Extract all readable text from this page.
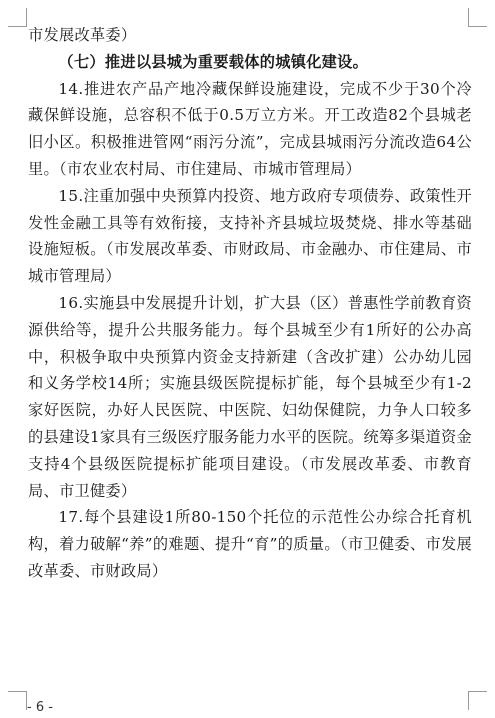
市发展改革委）

（七）推进以县城为重要载体的城镇化建设。

14.推进农产品产地冷藏保鲜设施建设，完成不少于30个冷藏保鲜设施，总容积不低于0.5万立方米。开工改造82个县城老旧小区。积极推进管网“雨污分流”，完成县城雨污分流改造64公里。（市农业农村局、市住建局、市城市管理局）

15.注重加强中央预算内投资、地方政府专项债券、政策性开发性金融工具等有效衔接，支持补齐县城垃圾焚烧、排水等基础设施短板。（市发展改革委、市财政局、市金融办、市住建局、市城市管理局）

16.实施县中发展提升计划，扩大县（区）普惠性学前教育资源供给等，提升公共服务能力。每个县城至少有1所好的公办高中，积极争取中央预算内资金支持新建（含改扩建）公办幼儿园和义务学校14所；实施县级医院提标扩能，每个县城至少有1-2家好医院，办好人民医院、中医院、妇幼保健院，力争人口较多的县建设1家具有三级医疗服务能力水平的医院。统筹多渠道资金支持4个县级医院提标扩能项目建设。（市发展改革委、市教育局、市卫健委）

17.每个县建设1所80-150个托位的示范性公办综合托育机构，着力破解“养”的难题、提升“育”的质量。（市卫健委、市发展改革委、市财政局）

- 6 -
